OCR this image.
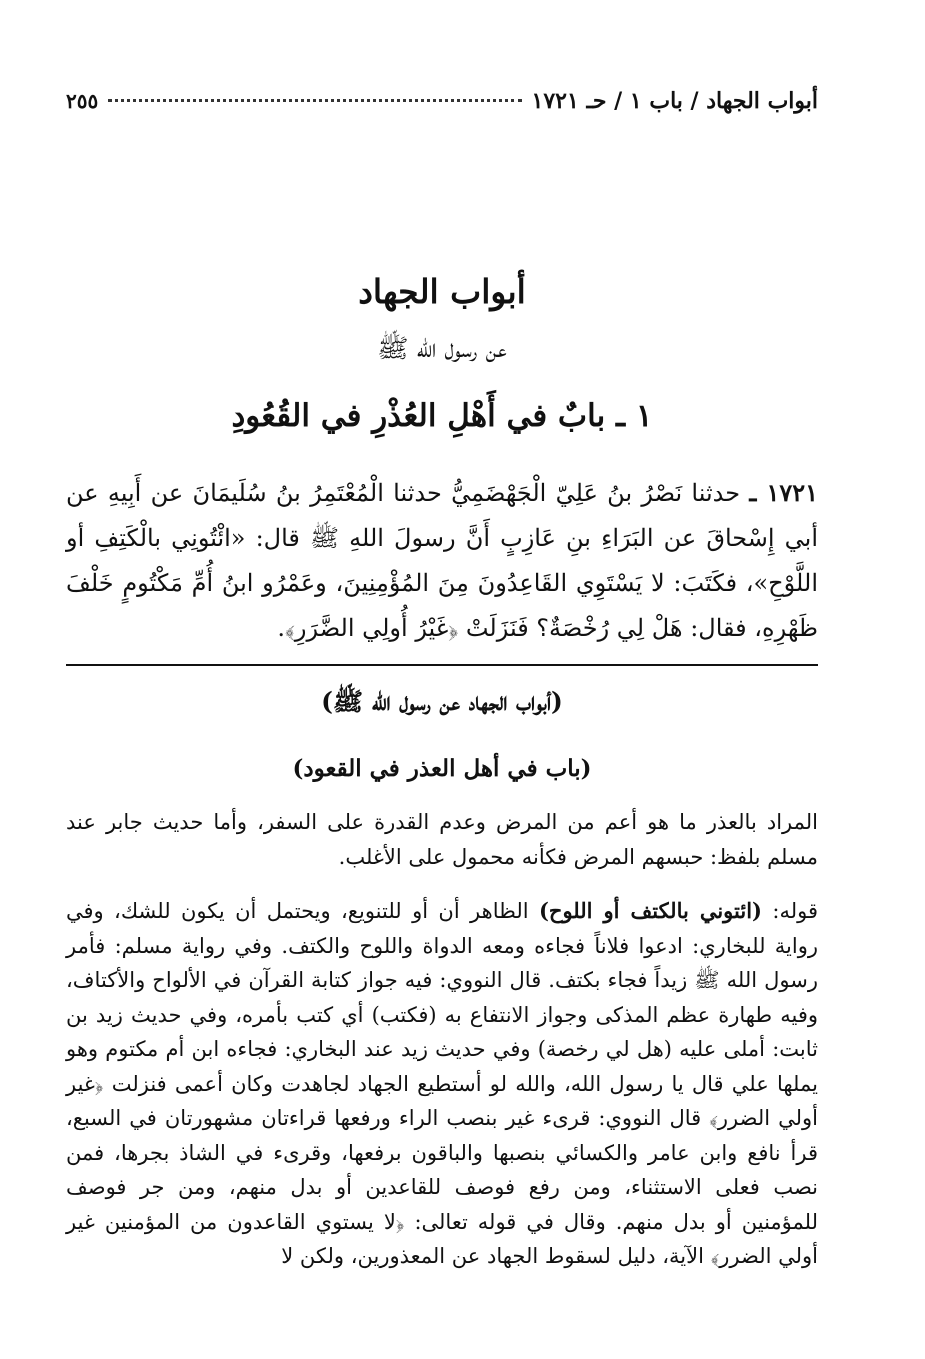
أبواب الجهاد / باب ١ / حـ ١٧٢١
٢٥٥
أبواب الجهاد
عن رسول الله ﷺ
١ ـ بابٌ في أَهْلِ العُذْرِ في القُعُودِ
١٧٢١ ـ حدثنا نَصْرُ بنُ عَلِيّ الْجَهْضَمِيُّ حدثنا الْمُعْتَمِرُ بنُ سُلَيمَانَ عن أَبِيهِ عن أبي إِسْحاقَ عن البَرَاءِ بنِ عَازِبٍ أَنَّ رسولَ اللهِ ﷺ قال: «ائْتُونِي بالْكَتِفِ أو اللَّوْحِ»، فكَتَبَ: لا يَسْتَوِي القَاعِدُونَ مِنَ المُؤْمِنِينَ، وعَمْرُو ابنُ أُمِّ مَكْتُومٍ خَلْفَ ظَهْرِهِ، فقال: هَلْ لِي رُخْصَةٌ؟ فَنَزَلَتْ ﴿غَيْرُ أُولِي الضَّرَرِ﴾.
(أبواب الجهاد عن رسول الله ﷺ)
(باب في أهل العذر في القعود)
المراد بالعذر ما هو أعم من المرض وعدم القدرة على السفر، وأما حديث جابر عند مسلم بلفظ: حبسهم المرض فكأنه محمول على الأغلب.
قوله: (ائتوني بالكتف أو اللوح) الظاهر أن أو للتنويع، ويحتمل أن يكون للشك، وفي رواية للبخاري: ادعوا فلاناً فجاءه ومعه الدواة واللوح والكتف. وفي رواية مسلم: فأمر رسول الله ﷺ زيداً فجاء بكتف. قال النووي: فيه جواز كتابة القرآن في الألواح والأكتاف، وفيه طهارة عظم المذكى وجواز الانتفاع به (فكتب) أي كتب بأمره، وفي حديث زيد بن ثابت: أملى عليه (هل لي رخصة) وفي حديث زيد عند البخاري: فجاءه ابن أم مكتوم وهو يملها علي قال يا رسول الله، والله لو أستطيع الجهاد لجاهدت وكان أعمى فنزلت ﴿غير أولي الضرر﴾ قال النووي: قرىء غير بنصب الراء ورفعها قراءتان مشهورتان في السبع، قرأ نافع وابن عامر والكسائي بنصبها والباقون برفعها، وقرىء في الشاذ بجرها، فمن نصب فعلى الاستثناء، ومن رفع فوصف للقاعدين أو بدل منهم، ومن جر فوصف للمؤمنين أو بدل منهم. وقال في قوله تعالى: ﴿لا يستوي القاعدون من المؤمنين غير أولي الضرر﴾ الآية، دليل لسقوط الجهاد عن المعذورين، ولكن لا
